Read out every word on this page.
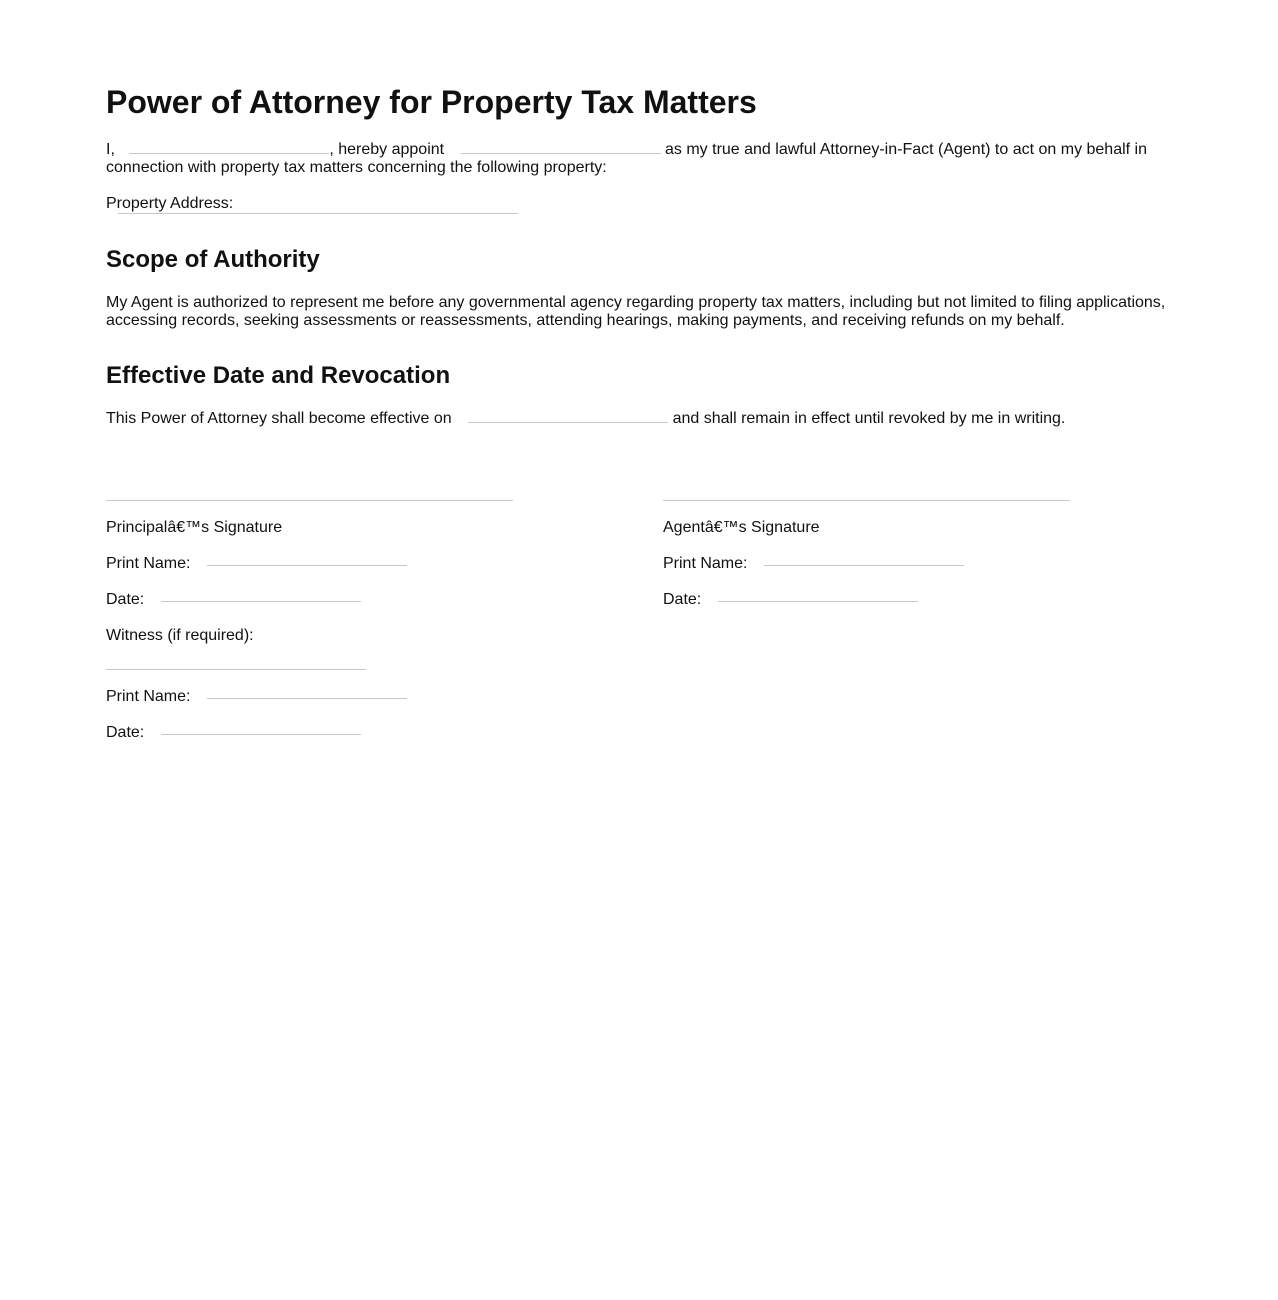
Power of Attorney for Property Tax Matters

I,	, hereby appoint	as my true and lawful Attorney-in-Fact (Agent) to act on my behalf in connection with property tax matters concerning the following property:

Property Address:
Scope of Authority

My Agent is authorized to represent me before any governmental agency regarding property tax matters, including but not limited to filing applications, accessing records, seeking assessments or reassessments, attending hearings, making payments, and receiving refunds on my behalf.

Effective Date and Revocation

This Power of Attorney shall become effective on	and shall remain in effect until revoked by me in writing.

Principalâ€™s Signature
Print Name:
Date:
Witness (if required):
Print Name:
Date:
Agentâ€™s Signature
Print Name:
Date:
